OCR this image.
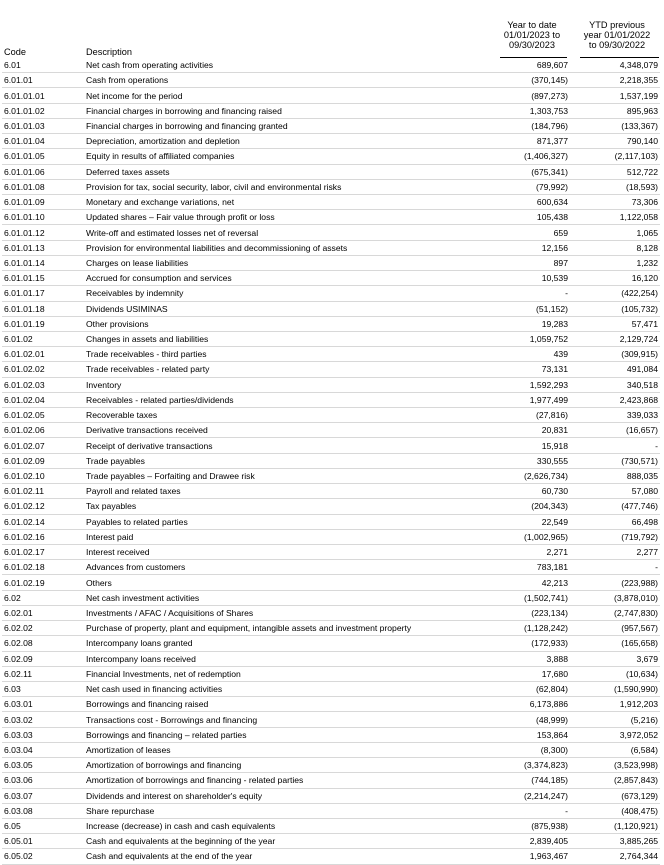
Code	Description
Year to date
01/01/2023 to
09/30/2023
YTD previous
year 01/01/2022
to 09/30/2022
6.01	Net cash from operating activities	689,607	4,348,079
6.01.01	Cash from operations	(370,145)	2,218,355
6.01.01.01	Net income for the period	(897,273)	1,537,199
6.01.01.02	Financial charges in borrowing and financing raised	1,303,753	895,963
6.01.01.03	Financial charges in borrowing and financing granted	(184,796)	(133,367)
6.01.01.04	Depreciation, amortization and depletion	871,377	790,140
6.01.01.05	Equity in results of affiliated companies	(1,406,327)	(2,117,103)
6.01.01.06	Deferred taxes assets	(675,341)	512,722
6.01.01.08	Provision for tax, social security, labor, civil and environmental risks	(79,992)	(18,593)
6.01.01.09	Monetary and exchange variations, net	600,634	73,306
6.01.01.10	Updated shares – Fair value through profit or loss	105,438	1,122,058
6.01.01.12	Write-off and estimated losses net of reversal	659	1,065
6.01.01.13	Provision for environmental liabilities and decommissioning of assets	12,156	8,128
6.01.01.14	Charges on lease liabilities	897	1,232
6.01.01.15	Accrued for consumption and services	10,539	16,120
6.01.01.17	Receivables by indemnity	-	(422,254)
6.01.01.18	Dividends USIMINAS	(51,152)	(105,732)
6.01.01.19	Other provisions	19,283	57,471
6.01.02	Changes in assets and liabilities	1,059,752	2,129,724
6.01.02.01	Trade receivables - third parties	439	(309,915)
6.01.02.02	Trade receivables - related party	73,131	491,084
6.01.02.03	Inventory	1,592,293	340,518
6.01.02.04	Receivables - related parties/dividends	1,977,499	2,423,868
6.01.02.05	Recoverable taxes	(27,816)	339,033
6.01.02.06	Derivative transactions received	20,831	(16,657)
6.01.02.07	Receipt of derivative transactions	15,918	-
6.01.02.09	Trade payables	330,555	(730,571)
6.01.02.10	Trade payables – Forfaiting and Drawee risk	(2,626,734)	888,035
6.01.02.11	Payroll and related taxes	60,730	57,080
6.01.02.12	Tax payables	(204,343)	(477,746)
6.01.02.14	Payables to related parties	22,549	66,498
6.01.02.16	Interest paid	(1,002,965)	(719,792)
6.01.02.17	Interest received	2,271	2,277
6.01.02.18	Advances from customers	783,181	-
6.01.02.19	Others	42,213	(223,988)
6.02	Net cash investment activities	(1,502,741)	(3,878,010)
6.02.01	Investments / AFAC / Acquisitions of Shares	(223,134)	(2,747,830)
6.02.02	Purchase of property, plant and equipment, intangible assets and investment property	(1,128,242)	(957,567)
6.02.08	Intercompany loans granted	(172,933)	(165,658)
6.02.09	Intercompany loans received	3,888	3,679
6.02.11	Financial Investments, net of redemption	17,680	(10,634)
6.03	Net cash used in financing activities	(62,804)	(1,590,990)
6.03.01	Borrowings and financing raised	6,173,886	1,912,203
6.03.02	Transactions cost - Borrowings and financing	(48,999)	(5,216)
6.03.03	Borrowings and financing – related parties	153,864	3,972,052
6.03.04	Amortization of leases	(8,300)	(6,584)
6.03.05	Amortization of borrowings and financing	(3,374,823)	(3,523,998)
6.03.06	Amortization of borrowings and financing - related parties	(744,185)	(2,857,843)
6.03.07	Dividends and interest on shareholder's equity	(2,214,247)	(673,129)
6.03.08	Share repurchase	-	(408,475)
6.05	Increase (decrease) in cash and cash equivalents	(875,938)	(1,120,921)
6.05.01	Cash and equivalents at the beginning of the year	2,839,405	3,885,265
6.05.02	Cash and equivalents at the end of the year	1,963,467	2,764,344
